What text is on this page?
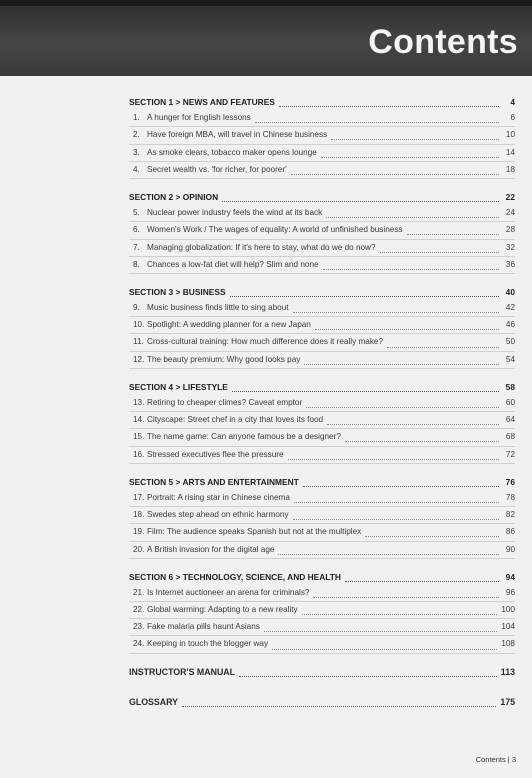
Contents
SECTION 1 > NEWS AND FEATURES	4
1. A hunger for English lessons	6
2. Have foreign MBA, will travel in Chinese business	10
3. As smoke clears, tobacco maker opens lounge	14
4. Secret wealth vs. 'for richer, for poorer'	18
SECTION 2 > OPINION	22
5. Nuclear power industry feels the wind at its back	24
6. Women's Work / The wages of equality: A world of unfinished business	28
7. Managing globalization: If it's here to stay, what do we do now?	32
8. Chances a low-fat diet will help? Slim and none	36
SECTION 3 > BUSINESS	40
9. Music business finds little to sing about	42
10. Spotlight: A wedding planner for a new Japan	46
11. Cross-cultural training: How much difference does it really make?	50
12. The beauty premium: Why good looks pay	54
SECTION 4 > LIFESTYLE	58
13. Retiring to cheaper climes? Caveat emptor	60
14. Cityscape: Street chef in a city that loves its food	64
15. The name game: Can anyone famous be a designer?	68
16. Stressed executives flee the pressure	72
SECTION 5 > ARTS AND ENTERTAINMENT	76
17. Portrait: A rising star in Chinese cinema	78
18. Swedes step ahead on ethnic harmony	82
19. Film: The audience speaks Spanish but not at the multiplex	86
20. A British invasion for the digital age	90
SECTION 6 > TECHNOLOGY, SCIENCE, AND HEALTH	94
21. Is Internet auctioneer an arena for criminals?	96
22. Global warming: Adapting to a new reality	100
23. Fake malaria pills haunt Asians	104
24. Keeping in touch the blogger way	108
INSTRUCTOR'S MANUAL	113
GLOSSARY	175
Contents | 3
